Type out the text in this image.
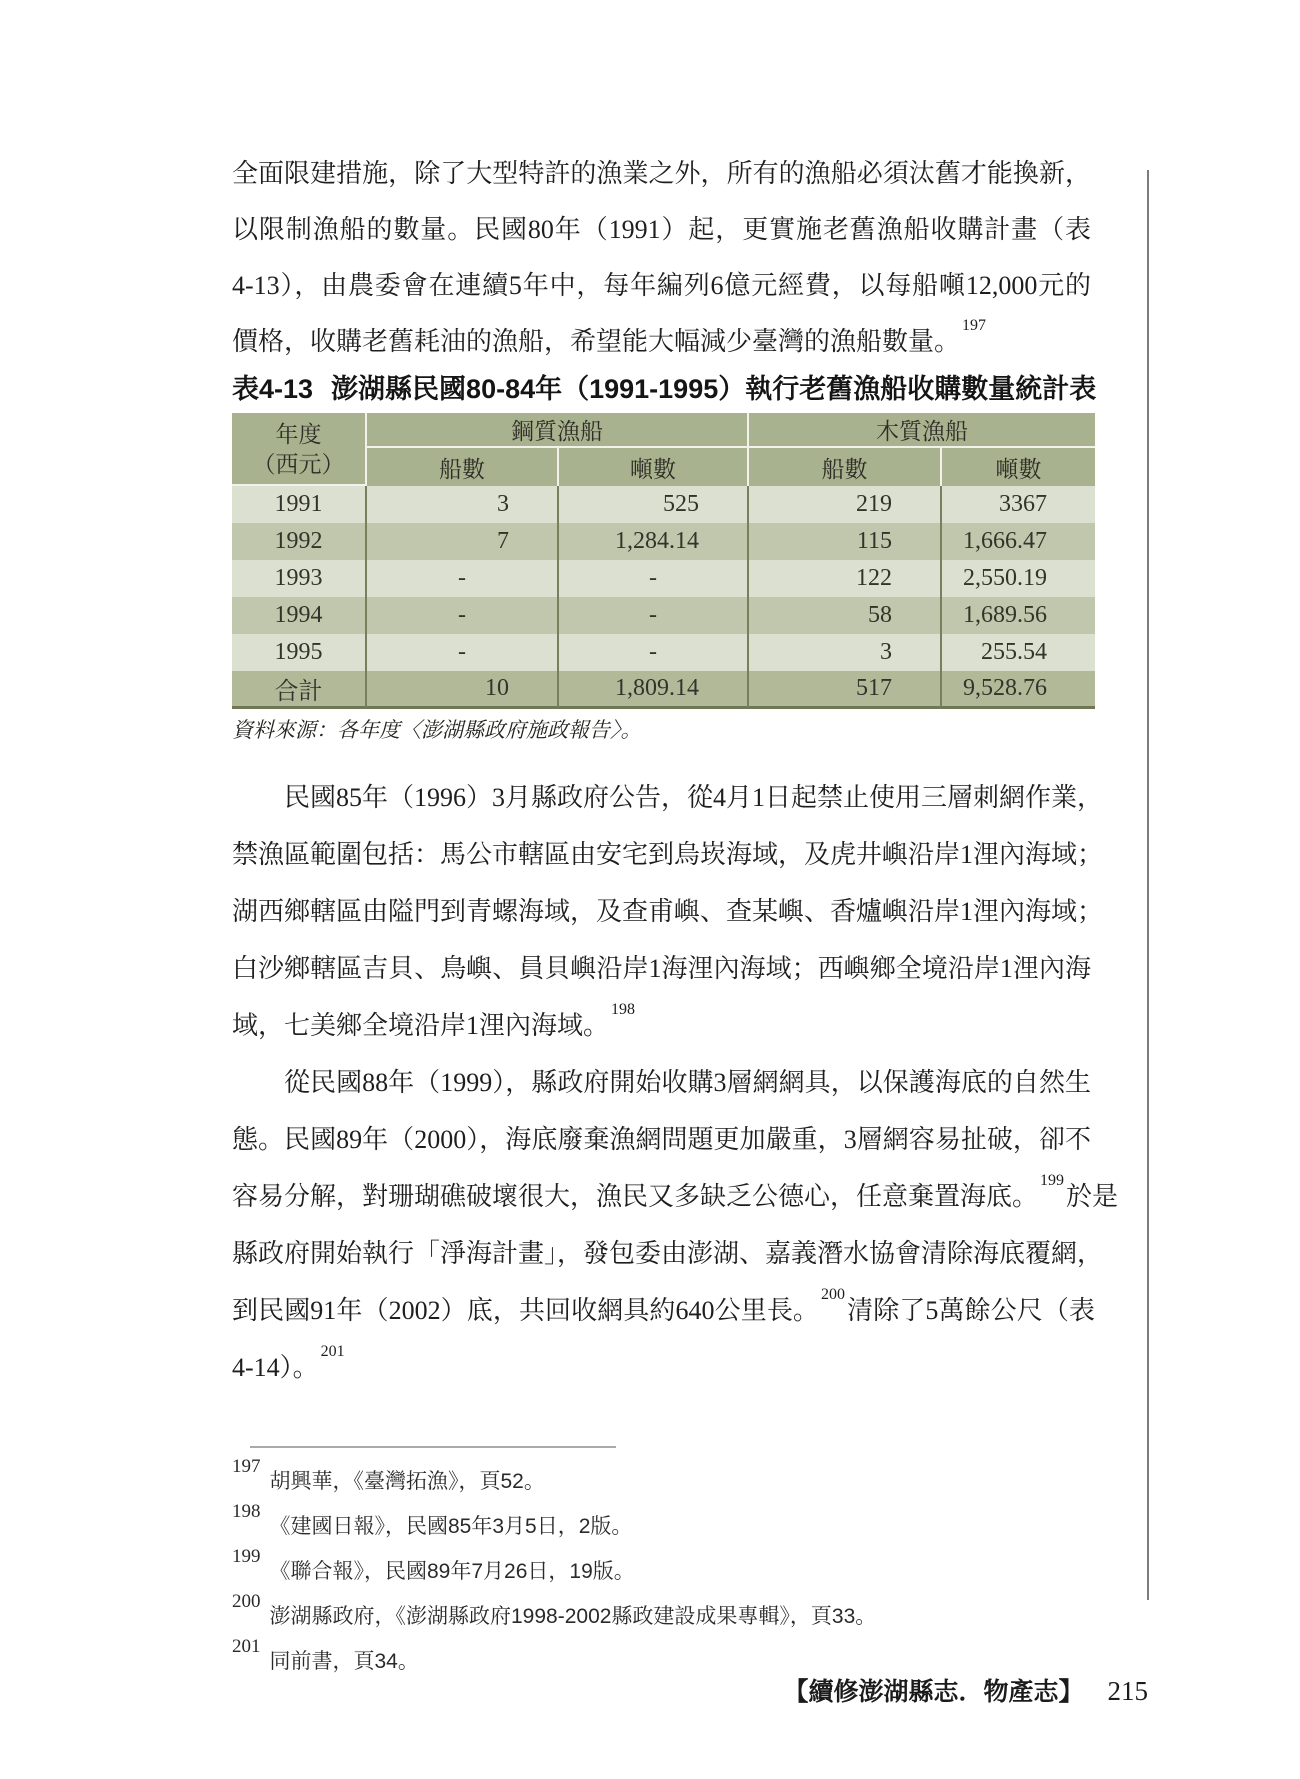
全面限建措施，除了大型特許的漁業之外，所有的漁船必須汰舊才能換新，
以限制漁船的數量。民國80年（1991）起，更實施老舊漁船收購計畫（表
4-13），由農委會在連續5年中，每年編列6億元經費，以每船噸12,000元的
價格，收購老舊耗油的漁船，希望能大幅減少臺灣的漁船數量。$^{197}$
表4-13 澎湖縣民國80-84年（1991-1995）執行老舊漁船收購數量統計表
年度
（西元）	鋼質漁船		木質漁船	
	船數	噸數	船數	噸數
1991	3	525	219	3367
1992	7	1,284.14	115	1,666.47
1993	-	-	122	2,550.19
1994	-	-	58	1,689.56
1995	-	-	3	255.54
合計	10	1,809.14	517	9,528.76
資料來源：各年度〈澎湖縣政府施政報告〉。
民國85年（1996）3月縣政府公告，從4月1日起禁止使用三層刺網作業，
禁漁區範圍包括：馬公市轄區由安宅到烏崁海域，及虎井嶼沿岸1浬內海域；
湖西鄉轄區由隘門到青螺海域，及查甫嶼、查某嶼、香爐嶼沿岸1浬內海域；
白沙鄉轄區吉貝、鳥嶼、員貝嶼沿岸1海浬內海域；西嶼鄉全境沿岸1浬內海
域，七美鄉全境沿岸1浬內海域。$^{198}$
從民國88年（1999），縣政府開始收購3層網網具，以保護海底的自然生
態。民國89年（2000），海底廢棄漁網問題更加嚴重，3層網容易扯破，卻不
容易分解，對珊瑚礁破壞很大，漁民又多缺乏公德心，任意棄置海底。$^{199}$於是
縣政府開始執行「淨海計畫」，發包委由澎湖、嘉義潛水協會清除海底覆網，
到民國91年（2002）底，共回收網具約640公里長。$^{200}$清除了5萬餘公尺（表
4-14）。$^{201}$
$^{197}$胡興華，《臺灣拓漁》，頁52。
$^{198}$《建國日報》，民國85年3月5日，2版。
$^{199}$《聯合報》，民國89年7月26日，19版。
$^{200}$澎湖縣政府，《澎湖縣政府1998-2002縣政建設成果專輯》，頁33。
$^{201}$同前書，頁34。
【續修澎湖縣志．物產志】 215
